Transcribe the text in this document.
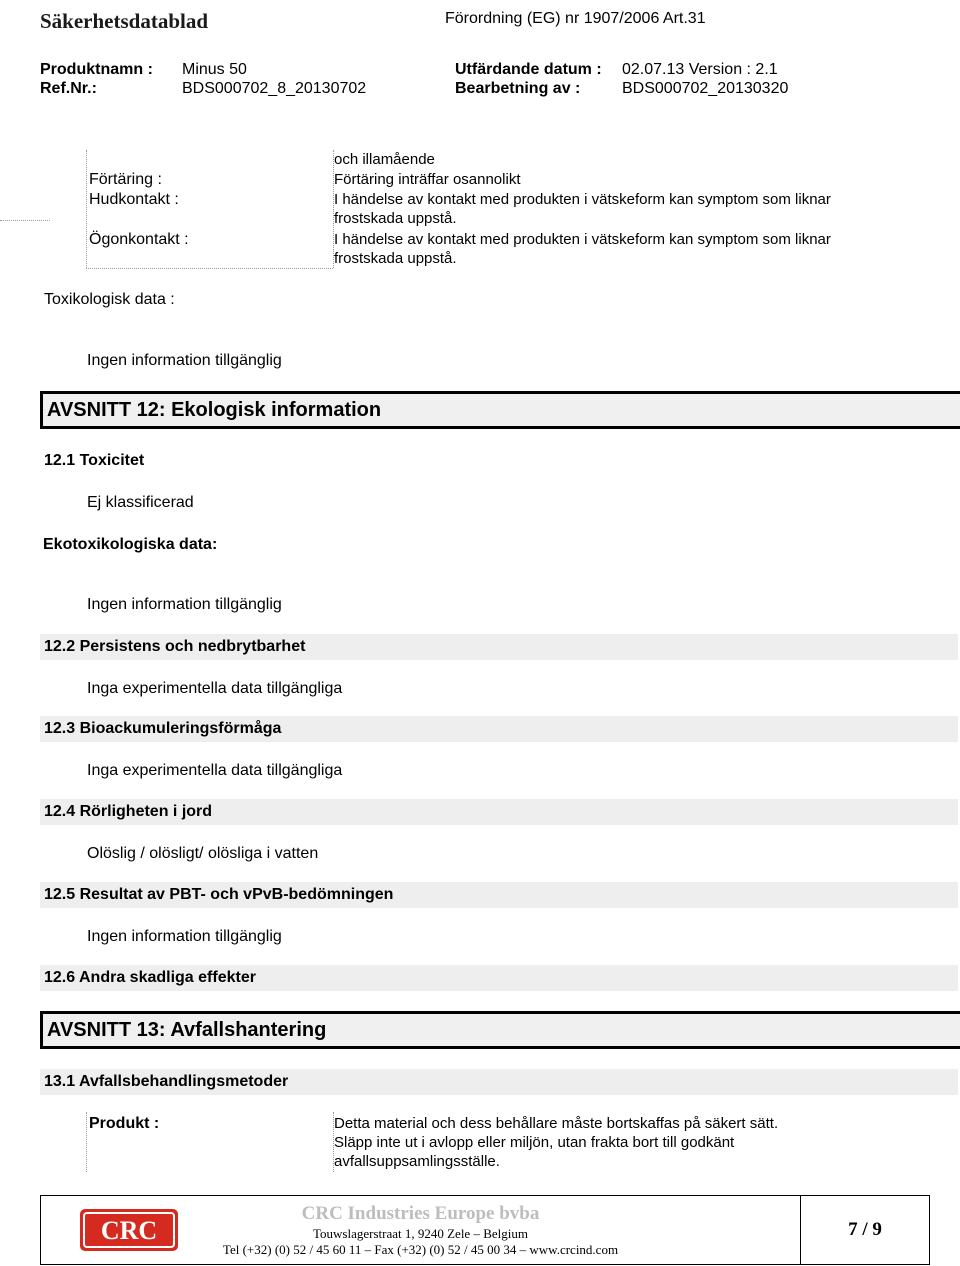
Säkerhetsdatablad	Förordning (EG) nr 1907/2006 Art.31
Produktnamn : Minus 50	Utfärdande datum : 02.07.13 Version : 2.1
Ref.Nr.:	BDS000702_8_20130702	Bearbetning av :	BDS000702_20130320
och illamående
Förtäring :	Förtäring inträffar osannolikt
Hudkontakt :	I händelse av kontakt med produkten i vätskeform kan symptom som liknar
frostskada uppstå.
Ögonkontakt :	I händelse av kontakt med produkten i vätskeform kan symptom som liknar
frostskada uppstå.
Toxikologisk data :
Ingen information tillgänglig
AVSNITT 12: Ekologisk information
12.1 Toxicitet
Ej klassificerad
Ekotoxikologiska data:
Ingen information tillgänglig
12.2 Persistens och nedbrytbarhet
Inga experimentella data tillgängliga
12.3 Bioackumuleringsförmåga
Inga experimentella data tillgängliga
12.4 Rörligheten i jord
Olöslig / olösligt/ olösliga i vatten
12.5 Resultat av PBT- och vPvB-bedömningen
Ingen information tillgänglig
12.6 Andra skadliga effekter
AVSNITT 13: Avfallshantering
13.1 Avfallsbehandlingsmetoder
Produkt :	Detta material och dess behållare måste bortskaffas på säkert sätt.
Släpp inte ut i avlopp eller miljön, utan frakta bort till godkänt
avfallsuppsamlingsställe.
CRC
CRC Industries Europe bvba
Touwslagerstraat 1, 9240 Zele – Belgium
Tel (+32) (0) 52 / 45 60 11 – Fax (+32) (0) 52 / 45 00 34 – www.crcind.com
7 / 9
